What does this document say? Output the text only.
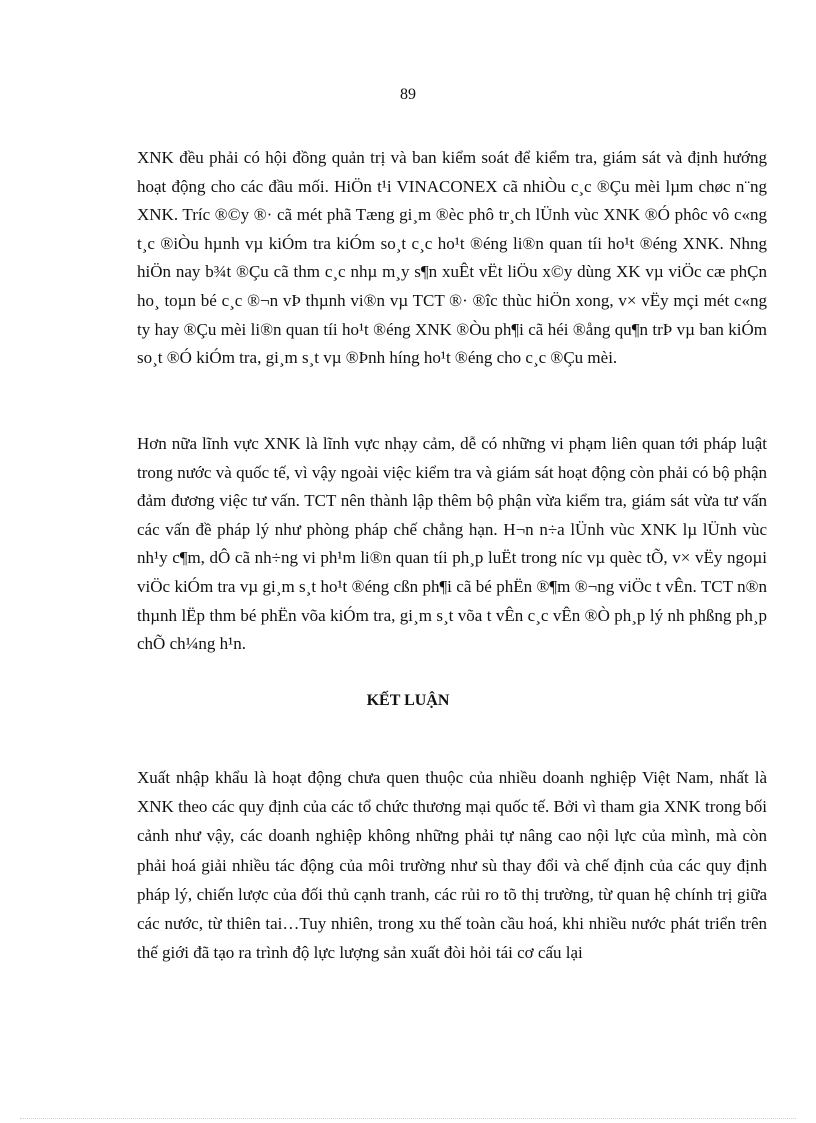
89

XNK đều phải có hội đồng quản trị và ban kiểm soát để kiểm tra, giám sát và định hướng hoạt động cho các đầu mối. HiÖn t¹i VINACONEX cã nhiÒu c¸c ®Çu mèi lµm chøc n¨ng XNK. Tríc ®©y ®· cã mét phã Tæng gi¸m ®èc phô tr¸ch lÜnh vùc XNK ®Ó phôc vô c«ng t¸c ®iÒu hµnh vµ kiÓm tra kiÓm so¸t c¸c ho¹t ®éng li®n quan tíi ho¹t ®éng XNK. Nhng hiÖn nay b¾t ®Çu cã thm c¸c nhµ m¸y s¶n xuÊt vËt liÖu x©y dùng XK vµ viÖc cæ phÇn ho¸ toµn bé c¸c ®¬n vÞ thµnh vi®n vµ TCT ®· ®îc thùc hiÖn xong, v× vËy mçi mét c«ng ty hay ®Çu mèi li®n quan tíi ho¹t ®éng XNK ®Òu ph¶i cã héi ®ång qu¶n trÞ vµ ban kiÓm so¸t ®Ó kiÓm tra, gi¸m s¸t vµ ®Þnh híng ho¹t ®éng cho c¸c ®Çu mèi.

Hơn nữa lĩnh vực XNK là lĩnh vực nhạy cảm, dễ có những vi phạm liên quan tới pháp luật trong nước và quốc tế, vì vậy ngoài việc kiểm tra và giám sát hoạt động còn phải có bộ phận đảm đương việc tư vấn. TCT nên thành lập thêm bộ phận vừa kiểm tra, giám sát vừa tư vấn các vấn đề pháp lý như phòng pháp chế chẳng hạn. H¬n n÷a lÜnh vùc XNK lµ lÜnh vùc nh¹y c¶m, dÔ cã nh÷ng vi ph¹m li®n quan tíi ph¸p luËt trong níc vµ quèc tÕ, v× vËy ngoµi viÖc kiÓm tra vµ gi¸m s¸t ho¹t ®éng cßn ph¶i cã bé phËn ®¶m ®¬ng viÖc t vÊn. TCT n®n thµnh lËp thm bé phËn võa kiÓm tra, gi¸m s¸t võa t vÊn c¸c vÊn ®Ò ph¸p lý nh phßng ph¸p chÕ ch¼ng h¹n.

KẾT LUẬN

Xuất nhập khẩu là hoạt động chưa quen thuộc của nhiều doanh nghiệp Việt Nam, nhất là XNK theo các quy định của các tổ chức thương mại quốc tế. Bởi vì tham gia XNK trong bối cảnh như vậy, các doanh nghiệp không những phải tự nâng cao nội lực của mình, mà còn phải hoá giải nhiều tác động của môi trường như sù thay đổi và chế định của các quy định pháp lý, chiến lược của đối thủ cạnh tranh, các rủi ro tõ thị trường, từ quan hệ chính trị giữa các nước, từ thiên tai…Tuy nhiên, trong xu thế toàn cầu hoá, khi nhiều nước phát triển trên thế giới đã tạo ra trình độ lực lượng sản xuất đòi hỏi tái cơ cấu lại
